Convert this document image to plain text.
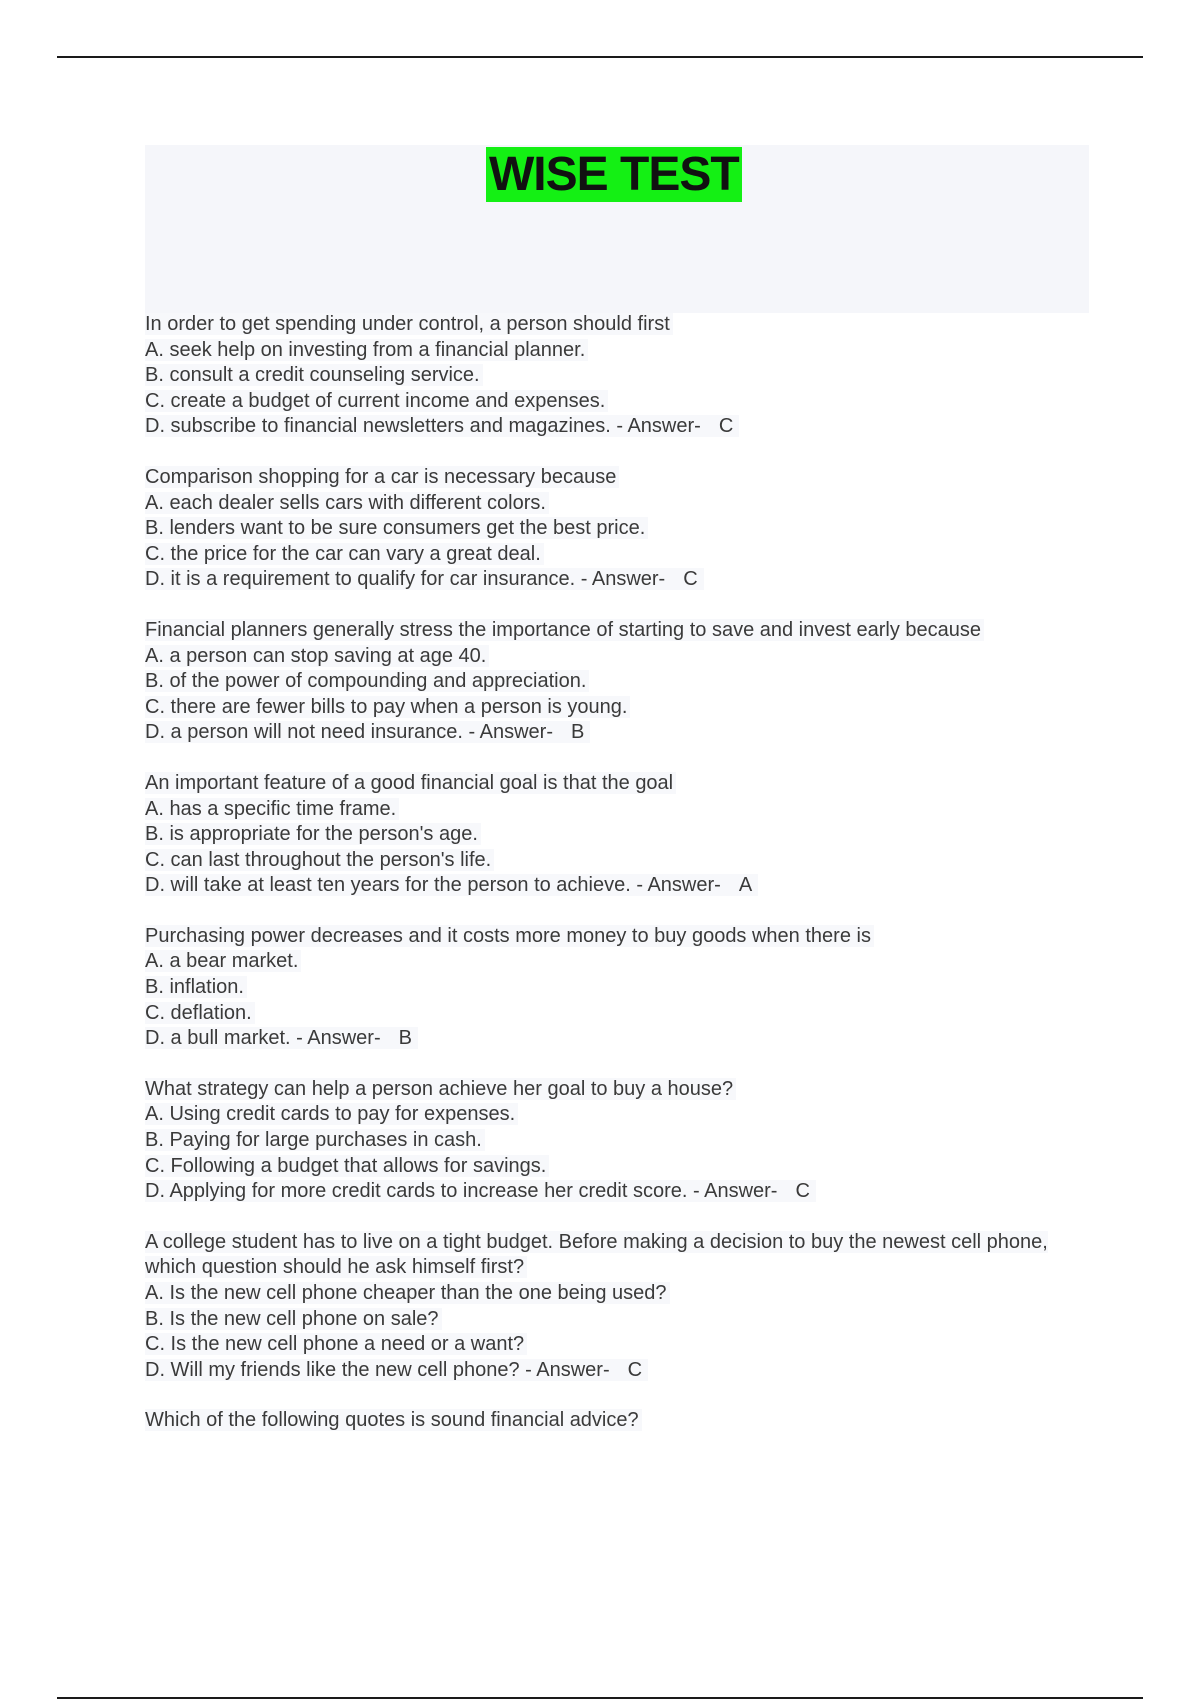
WISE TEST
In order to get spending under control, a person should first
A. seek help on investing from a financial planner.
B. consult a credit counseling service.
C. create a budget of current income and expenses.
D. subscribe to financial newsletters and magazines. - Answer- C
Comparison shopping for a car is necessary because
A. each dealer sells cars with different colors.
B. lenders want to be sure consumers get the best price.
C. the price for the car can vary a great deal.
D. it is a requirement to qualify for car insurance. - Answer- C
Financial planners generally stress the importance of starting to save and invest early because
A. a person can stop saving at age 40.
B. of the power of compounding and appreciation.
C. there are fewer bills to pay when a person is young.
D. a person will not need insurance. - Answer- B
An important feature of a good financial goal is that the goal
A. has a specific time frame.
B. is appropriate for the person's age.
C. can last throughout the person's life.
D. will take at least ten years for the person to achieve. - Answer- A
Purchasing power decreases and it costs more money to buy goods when there is
A. a bear market.
B. inflation.
C. deflation.
D. a bull market. - Answer- B
What strategy can help a person achieve her goal to buy a house?
A. Using credit cards to pay for expenses.
B. Paying for large purchases in cash.
C. Following a budget that allows for savings.
D. Applying for more credit cards to increase her credit score. - Answer- C
A college student has to live on a tight budget. Before making a decision to buy the newest cell phone, which question should he ask himself first?
A. Is the new cell phone cheaper than the one being used?
B. Is the new cell phone on sale?
C. Is the new cell phone a need or a want?
D. Will my friends like the new cell phone? - Answer- C
Which of the following quotes is sound financial advice?
